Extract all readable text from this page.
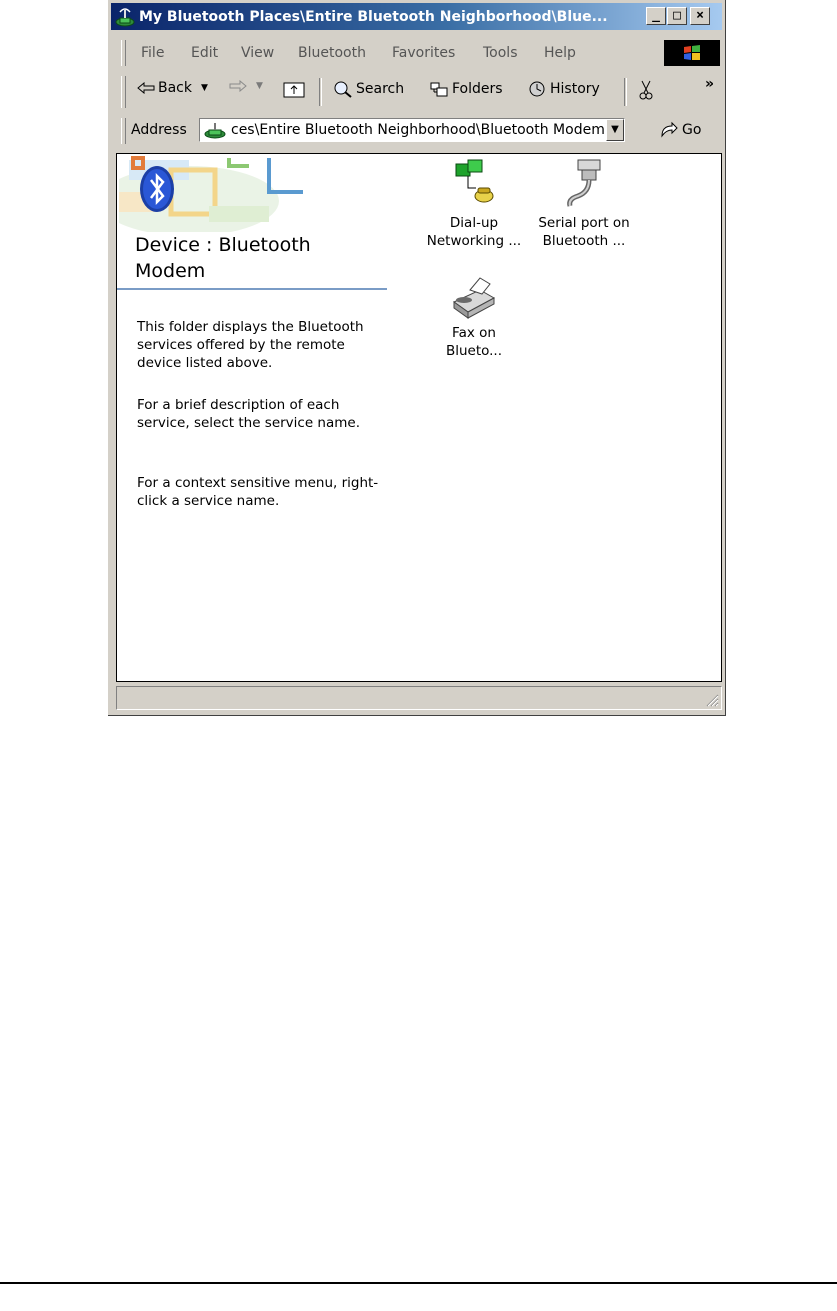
My Bluetooth Places\Entire Bluetooth Neighborhood\Blue...	_	□	×
File Edit View Bluetooth Favorites Tools Help
Back ▼	▼	Search	Folders	History	»
Address	ces\Entire Bluetooth Neighborhood\Bluetooth Modem ▼	Go
Device : Bluetooth Modem
This folder displays the Bluetooth services offered by the remote device listed above.
For a brief description of each service, select the service name.
For a context sensitive menu, right-click a service name.
Dial-up
Networking ...
Serial port on
Bluetooth ...
Fax on
Blueto...
